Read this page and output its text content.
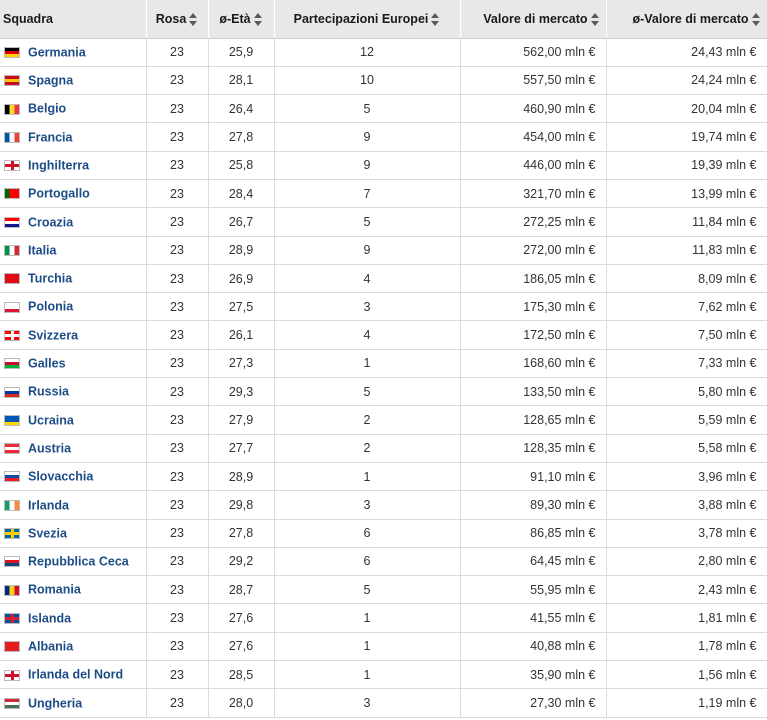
Squadra	Rosa	ø-Età	Partecipazioni Europei	Valore di mercato	ø-Valore di mercato
Germania	23	25,9	12	562,00 mln €	24,43 mln €
Spagna	23	28,1	10	557,50 mln €	24,24 mln €
Belgio	23	26,4	5	460,90 mln €	20,04 mln €
Francia	23	27,8	9	454,00 mln €	19,74 mln €
Inghilterra	23	25,8	9	446,00 mln €	19,39 mln €
Portogallo	23	28,4	7	321,70 mln €	13,99 mln €
Croazia	23	26,7	5	272,25 mln €	11,84 mln €
Italia	23	28,9	9	272,00 mln €	11,83 mln €
Turchia	23	26,9	4	186,05 mln €	8,09 mln €
Polonia	23	27,5	3	175,30 mln €	7,62 mln €
Svizzera	23	26,1	4	172,50 mln €	7,50 mln €
Galles	23	27,3	1	168,60 mln €	7,33 mln €
Russia	23	29,3	5	133,50 mln €	5,80 mln €
Ucraina	23	27,9	2	128,65 mln €	5,59 mln €
Austria	23	27,7	2	128,35 mln €	5,58 mln €
Slovacchia	23	28,9	1	91,10 mln €	3,96 mln €
Irlanda	23	29,8	3	89,30 mln €	3,88 mln €
Svezia	23	27,8	6	86,85 mln €	3,78 mln €
Repubblica Ceca	23	29,2	6	64,45 mln €	2,80 mln €
Romania	23	28,7	5	55,95 mln €	2,43 mln €
Islanda	23	27,6	1	41,55 mln €	1,81 mln €
Albania	23	27,6	1	40,88 mln €	1,78 mln €
Irlanda del Nord	23	28,5	1	35,90 mln €	1,56 mln €
Ungheria	23	28,0	3	27,30 mln €	1,19 mln €
